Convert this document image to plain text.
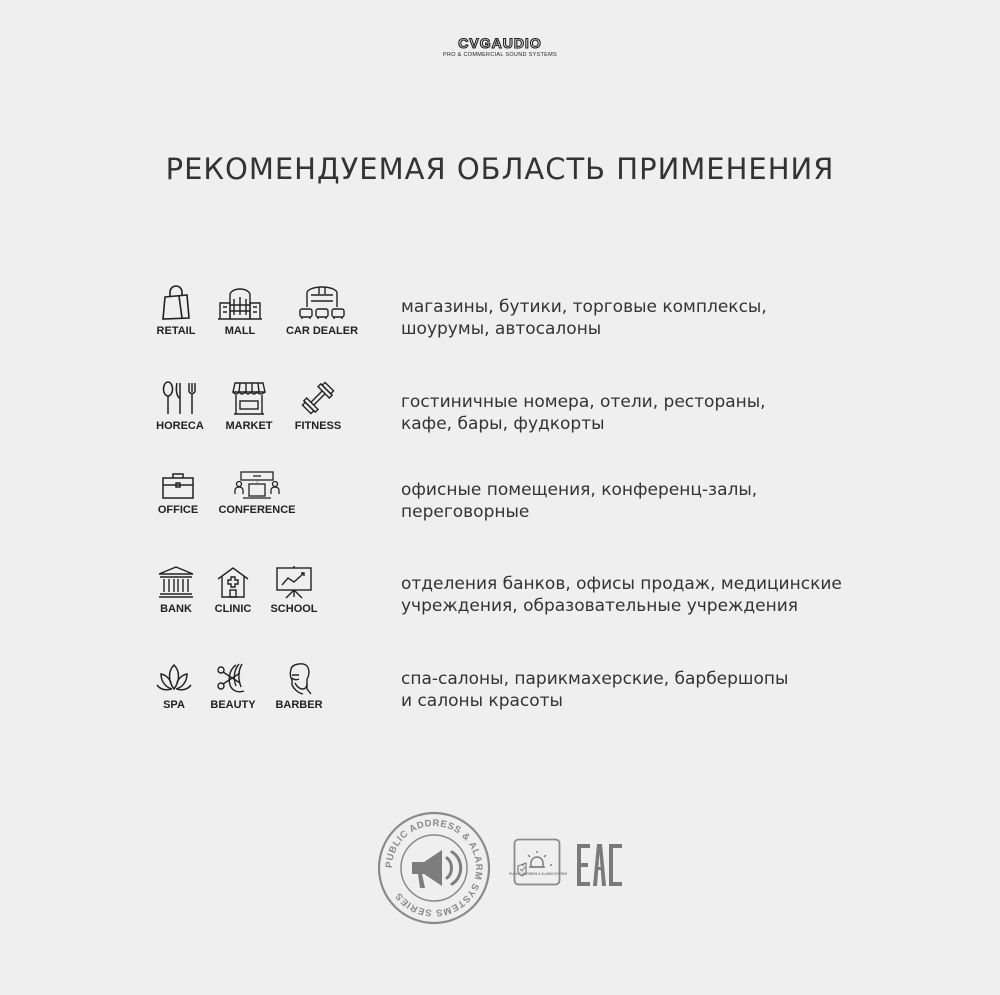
CVGAUDIO
PRO & COMMERCIAL SOUND SYSTEMS
РЕКОМЕНДУЕМАЯ ОБЛАСТЬ ПРИМЕНЕНИЯ
RETAIL	MALL	CAR DEALER
магазины, бутики, торговые комплексы,
шоурумы, автосалоны
HORECA	MARKET	FITNESS
гостиничные номера, отели, рестораны,
кафе, бары, фудкорты
OFFICE	CONFERENCE
офисные помещения, конференц-залы,
переговорные
BANK	CLINIC	SCHOOL
отделения банков, офисы продаж, медицинские
учреждения, образовательные учреждения
SPA	BEAUTY	BARBER
спа-салоны, парикмахерские, барбершопы
и салоны красоты
PUBLIC ADDRESS & ALARM SYSTEMS SERIES
PUBLIC ADDRESS & ALARM SYSTEM
EAC
